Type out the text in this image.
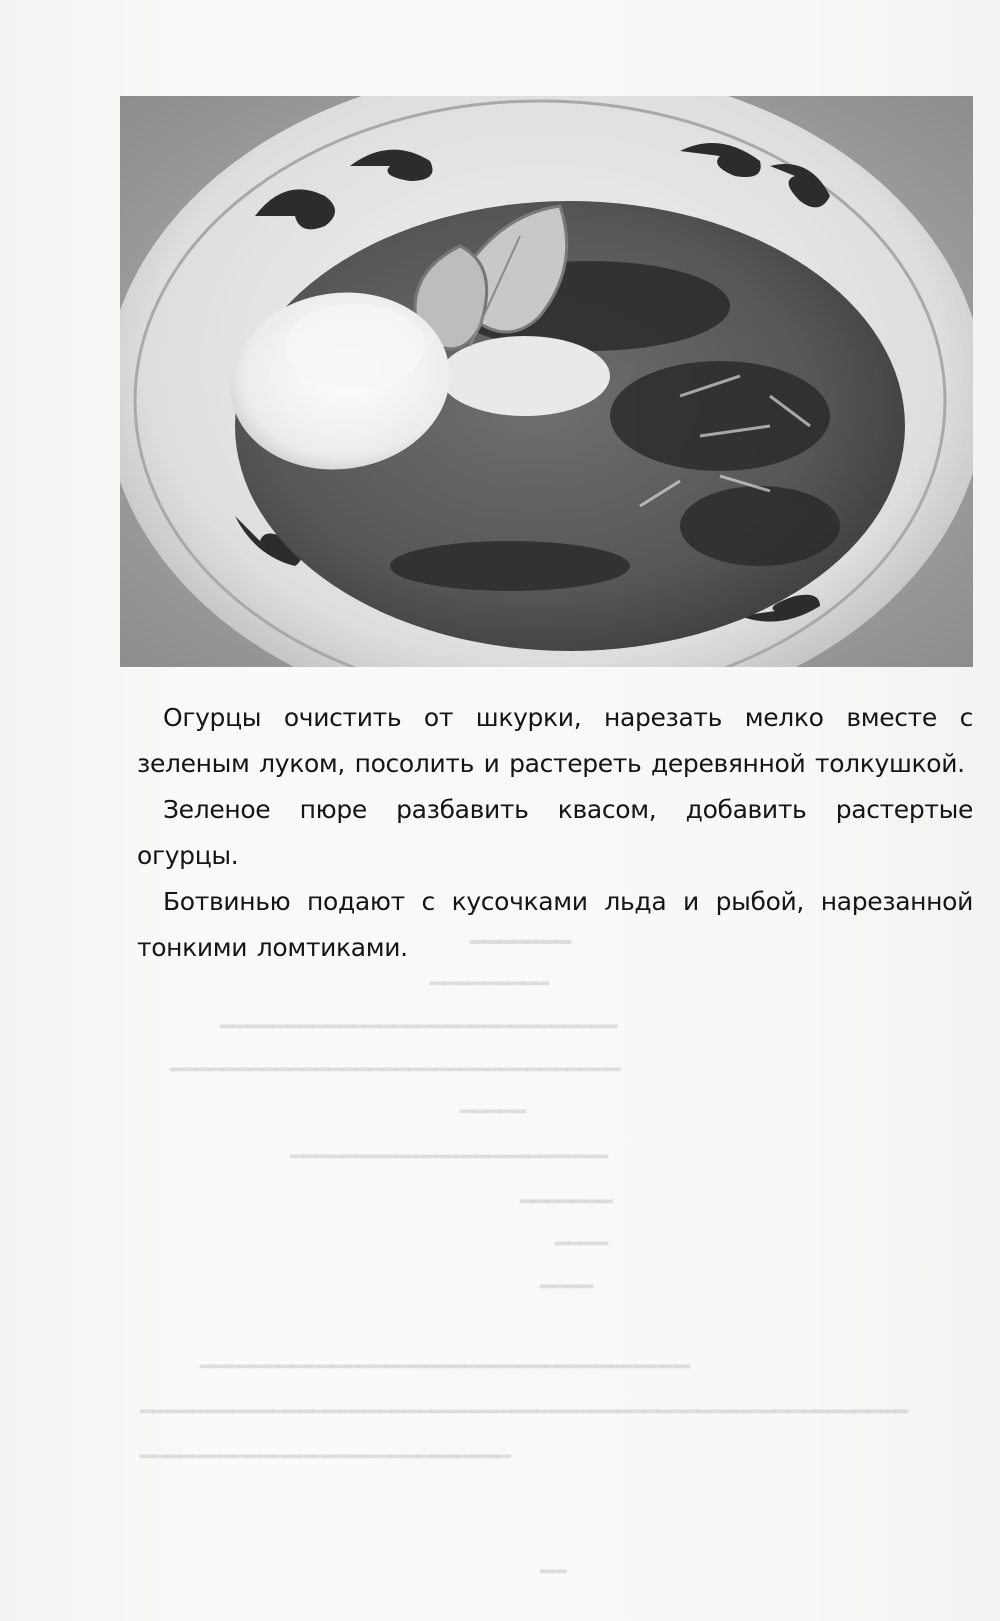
━━━━━━━
━━━━━━━━━
━━━━━━━━━━━━━━━━━━━━━━━━━━━━━━
━━━━━━━━━━━━━━━━━━━━━━━━━━━━━━━━━━
━━━━━
━━━━━━━━━━━━━━━━━━━━━━━━
━━━━━━━
━━━━
━━━━
━━━━━━━━━━━━━━━━━━━━━━━━━━━━━━━━━━━━━
━━━━━━━━━━━━━━━━━━━━━━━━━━━━━━━━━━━━━━━━━━━━━━━━━━━━━━━━━━
━━━━━━━━━━━━━━━━━━━━━━━━━━━━
━━

Огурцы очистить от шкурки, нарезать мелко вместе с зеленым луком, посолить и растереть деревянной толкушкой.

Зеленое пюре разбавить квасом, добавить растертые огурцы.

Ботвинью подают с кусочками льда и рыбой, нарезанной тонкими ломтиками.
